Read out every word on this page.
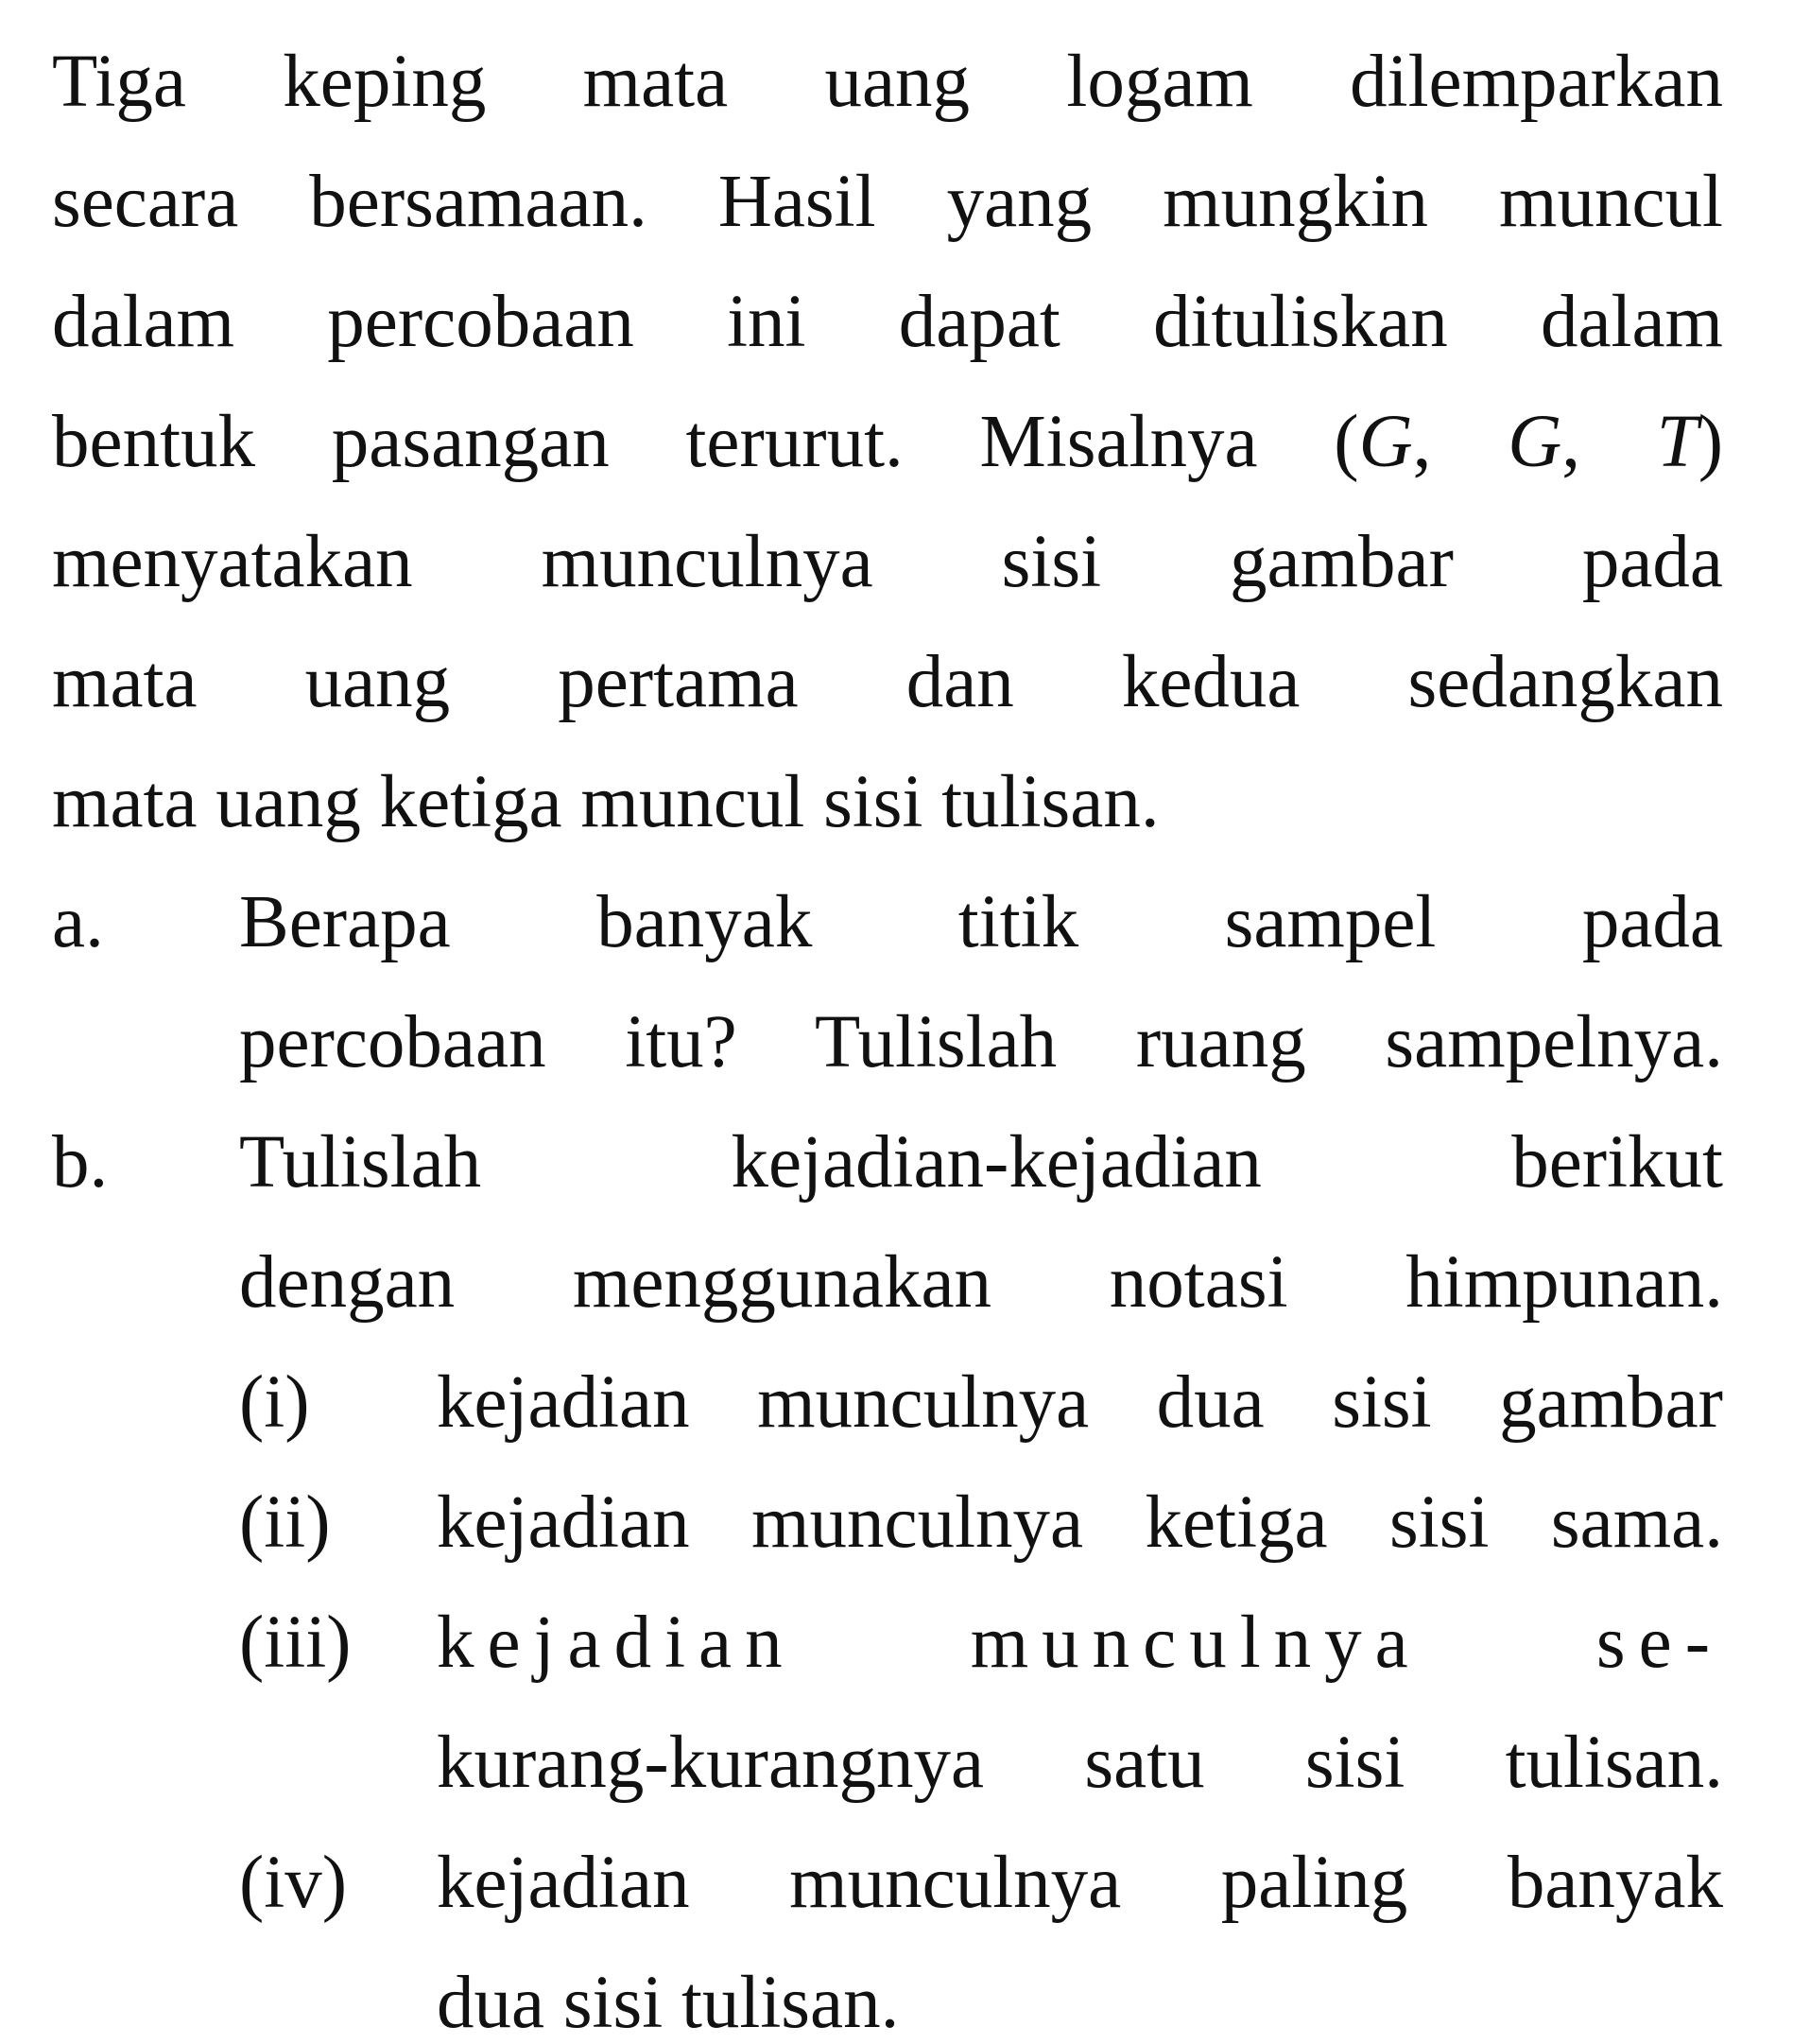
Tiga keping mata uang logam dilemparkan
secara bersamaan. Hasil yang mungkin muncul
dalam percobaan ini dapat dituliskan dalam
bentuk pasangan terurut. Misalnya (G, G, T)
menyatakan munculnya sisi gambar pada
mata uang pertama dan kedua sedangkan
mata uang ketiga muncul sisi tulisan.
a. Berapa banyak titik sampel pada
percobaan itu? Tulislah ruang sampelnya.
b. Tulislah kejadian-kejadian berikut
dengan menggunakan notasi himpunan.
(i) kejadian munculnya dua sisi gambar
(ii) kejadian munculnya ketiga sisi sama.
(iii) kejadian munculnya se-
kurang-kurangnya satu sisi tulisan.
(iv) kejadian munculnya paling banyak
dua sisi tulisan.
